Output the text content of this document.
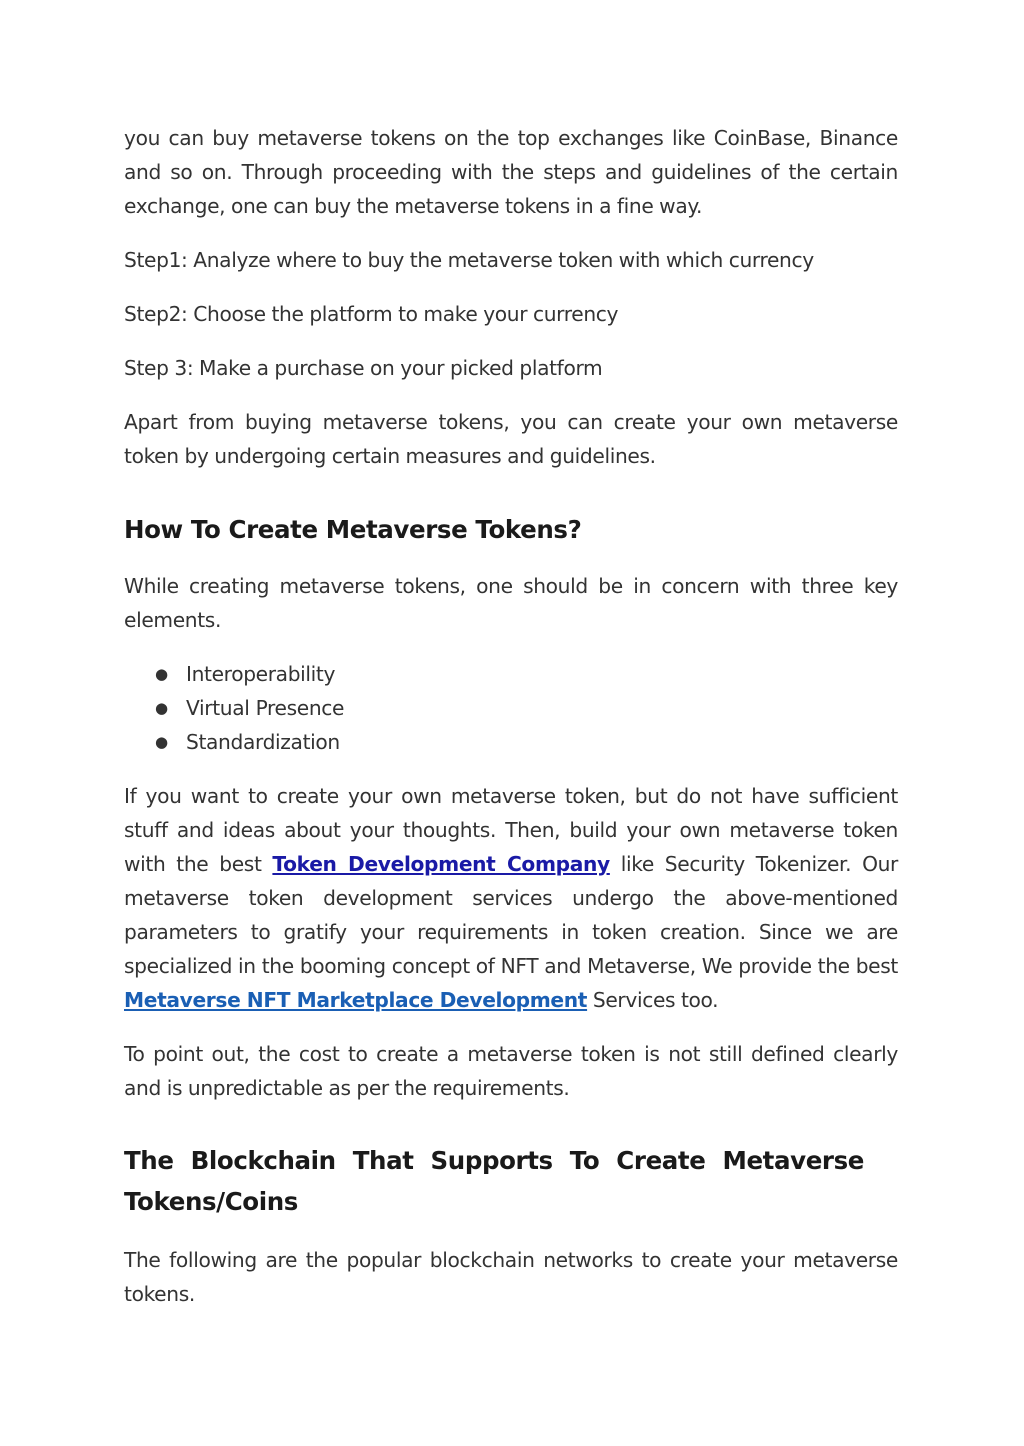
you can buy metaverse tokens on the top exchanges like CoinBase, Binance and so on. Through proceeding with the steps and guidelines of the certain exchange, one can buy the metaverse tokens in a fine way.

Step1: Analyze where to buy the metaverse token with which currency

Step2: Choose the platform to make your currency

Step 3: Make a purchase on your picked platform

Apart from buying metaverse tokens, you can create your own metaverse token by undergoing certain measures and guidelines.

How To Create Metaverse Tokens?

While creating metaverse tokens, one should be in concern with three key elements.

● Interoperability
● Virtual Presence
● Standardization

If you want to create your own metaverse token, but do not have sufficient stuff and ideas about your thoughts. Then, build your own metaverse token with the best Token Development Company like Security Tokenizer. Our metaverse token development services undergo the above-mentioned parameters to gratify your requirements in token creation. Since we are specialized in the booming concept of NFT and Metaverse, We provide the best Metaverse NFT Marketplace Development Services too.

To point out, the cost to create a metaverse token is not still defined clearly and is unpredictable as per the requirements.

The Blockchain That Supports To Create Metaverse Tokens/Coins

The following are the popular blockchain networks to create your metaverse tokens.
